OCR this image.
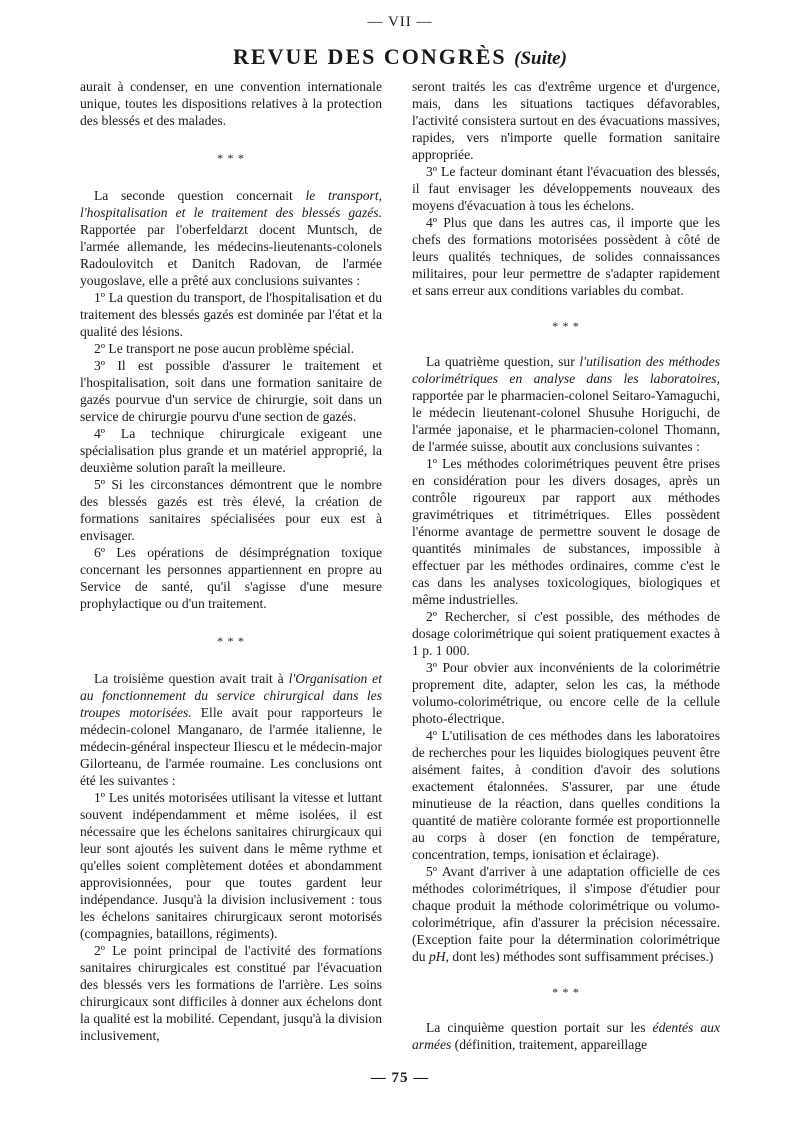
— VII —
REVUE DES CONGRÈS (Suite)

aurait à condenser, en une convention internationale unique, toutes les dispositions relatives à la protection des blessés et des malades.

* * *

La seconde question concernait le transport, l'hospitalisation et le traitement des blessés gazés. Rapportée par l'oberfeldarzt docent Muntsch, de l'armée allemande, les médecins-lieutenants-colonels Radoulovitch et Danitch Radovan, de l'armée yougoslave, elle a prêté aux conclusions suivantes :

1º La question du transport, de l'hospitalisation et du traitement des blessés gazés est dominée par l'état et la qualité des lésions.

2º Le transport ne pose aucun problème spécial.

3º Il est possible d'assurer le traitement et l'hospitalisation, soit dans une formation sanitaire de gazés pourvue d'un service de chirurgie, soit dans un service de chirurgie pourvu d'une section de gazés.

4º La technique chirurgicale exigeant une spécialisation plus grande et un matériel approprié, la deuxième solution paraît la meilleure.

5º Si les circonstances démontrent que le nombre des blessés gazés est très élevé, la création de formations sanitaires spécialisées pour eux est à envisager.

6º Les opérations de désimprégnation toxique concernant les personnes appartiennent en propre au Service de santé, qu'il s'agisse d'une mesure prophylactique ou d'un traitement.

* * *

La troisième question avait trait à l'Organisation et au fonctionnement du service chirurgical dans les troupes motorisées. Elle avait pour rapporteurs le médecin-colonel Manganaro, de l'armée italienne, le médecin-général inspecteur Iliescu et le médecin-major Gilorteanu, de l'armée roumaine. Les conclusions ont été les suivantes :

1º Les unités motorisées utilisant la vitesse et luttant souvent indépendamment et même isolées, il est nécessaire que les échelons sanitaires chirurgicaux qui leur sont ajoutés les suivent dans le même rythme et qu'elles soient complètement dotées et abondamment approvisionnées, pour que toutes gardent leur indépendance. Jusqu'à la division inclusivement : tous les échelons sanitaires chirurgicaux seront motorisés (compagnies, bataillons, régiments).

2º Le point principal de l'activité des formations sanitaires chirurgicales est constitué par l'évacuation des blessés vers les formations de l'arrière. Les soins chirurgicaux sont difficiles à donner aux échelons dont la qualité est la mobilité. Cependant, jusqu'à la division inclusivement,

seront traités les cas d'extrême urgence et d'urgence, mais, dans les situations tactiques défavorables, l'activité consistera surtout en des évacuations massives, rapides, vers n'importe quelle formation sanitaire appropriée.

3º Le facteur dominant étant l'évacuation des blessés, il faut envisager les développements nouveaux des moyens d'évacuation à tous les échelons.

4º Plus que dans les autres cas, il importe que les chefs des formations motorisées possèdent à côté de leurs qualités techniques, de solides connaissances militaires, pour leur permettre de s'adapter rapidement et sans erreur aux conditions variables du combat.

* * *

La quatrième question, sur l'utilisation des méthodes colorimétriques en analyse dans les laboratoires, rapportée par le pharmacien-colonel Seitaro-Yamaguchi, le médecin lieutenant-colonel Shusuhe Horiguchi, de l'armée japonaise, et le pharmacien-colonel Thomann, de l'armée suisse, aboutit aux conclusions suivantes :

1º Les méthodes colorimétriques peuvent être prises en considération pour les divers dosages, après un contrôle rigoureux par rapport aux méthodes gravimétriques et titrimétriques. Elles possèdent l'énorme avantage de permettre souvent le dosage de quantités minimales de substances, impossible à effectuer par les méthodes ordinaires, comme c'est le cas dans les analyses toxicologiques, biologiques et même industrielles.

2º Rechercher, si c'est possible, des méthodes de dosage colorimétrique qui soient pratiquement exactes à 1 p. 1 000.

3º Pour obvier aux inconvénients de la colorimétrie proprement dite, adapter, selon les cas, la méthode volumo-colorimétrique, ou encore celle de la cellule photo-électrique.

4º L'utilisation de ces méthodes dans les laboratoires de recherches pour les liquides biologiques peuvent être aisément faites, à condition d'avoir des solutions exactement étalonnées. S'assurer, par une étude minutieuse de la réaction, dans quelles conditions la quantité de matière colorante formée est proportionnelle au corps à doser (en fonction de température, concentration, temps, ionisation et éclairage).

5º Avant d'arriver à une adaptation officielle de ces méthodes colorimétriques, il s'impose d'étudier pour chaque produit la méthode colorimétrique ou volumo-colorimétrique, afin d'assurer la précision nécessaire. (Exception faite pour la détermination colorimétrique du pH, dont les) méthodes sont suffisamment précises.)

* * *

La cinquième question portait sur les édentés aux armées (définition, traitement, appareillage

— 75 —
